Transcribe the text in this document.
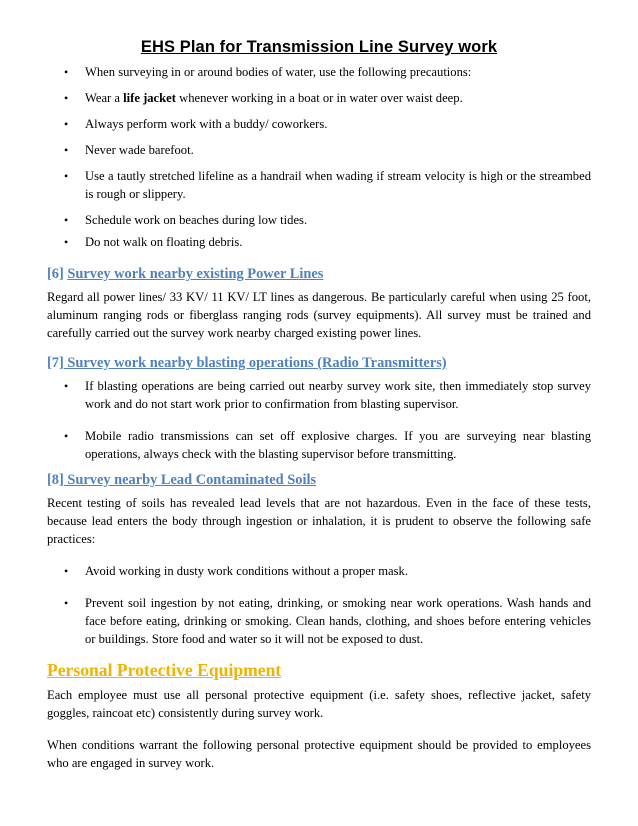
EHS Plan for Transmission Line Survey work
• When surveying in or around bodies of water, use the following precautions:
• Wear a life jacket whenever working in a boat or in water over waist deep.
• Always perform work with a buddy/ coworkers.
• Never wade barefoot.
• Use a tautly stretched lifeline as a handrail when wading if stream velocity is high or the streambed is rough or slippery.
• Schedule work on beaches during low tides.
• Do not walk on floating debris.
[6] Survey work nearby existing Power Lines

Regard all power lines/ 33 KV/ 11 KV/ LT lines as dangerous. Be particularly careful when using 25 foot, aluminum ranging rods or fiberglass ranging rods (survey equipments). All survey must be trained and carefully carried out the survey work nearby charged existing power lines.

[7] Survey work nearby blasting operations (Radio Transmitters)
• If blasting operations are being carried out nearby survey work site, then immediately stop survey work and do not start work prior to confirmation from blasting supervisor.
• Mobile radio transmissions can set off explosive charges. If you are surveying near blasting operations, always check with the blasting supervisor before transmitting.
[8] Survey nearby Lead Contaminated Soils

Recent testing of soils has revealed lead levels that are not hazardous. Even in the face of these tests, because lead enters the body through ingestion or inhalation, it is prudent to observe the following safe practices:

• Avoid working in dusty work conditions without a proper mask.
• Prevent soil ingestion by not eating, drinking, or smoking near work operations. Wash hands and face before eating, drinking or smoking. Clean hands, clothing, and shoes before entering vehicles or buildings. Store food and water so it will not be exposed to dust.
Personal Protective Equipment

Each employee must use all personal protective equipment (i.e. safety shoes, reflective jacket, safety goggles, raincoat etc) consistently during survey work.

When conditions warrant the following personal protective equipment should be provided to employees who are engaged in survey work.
